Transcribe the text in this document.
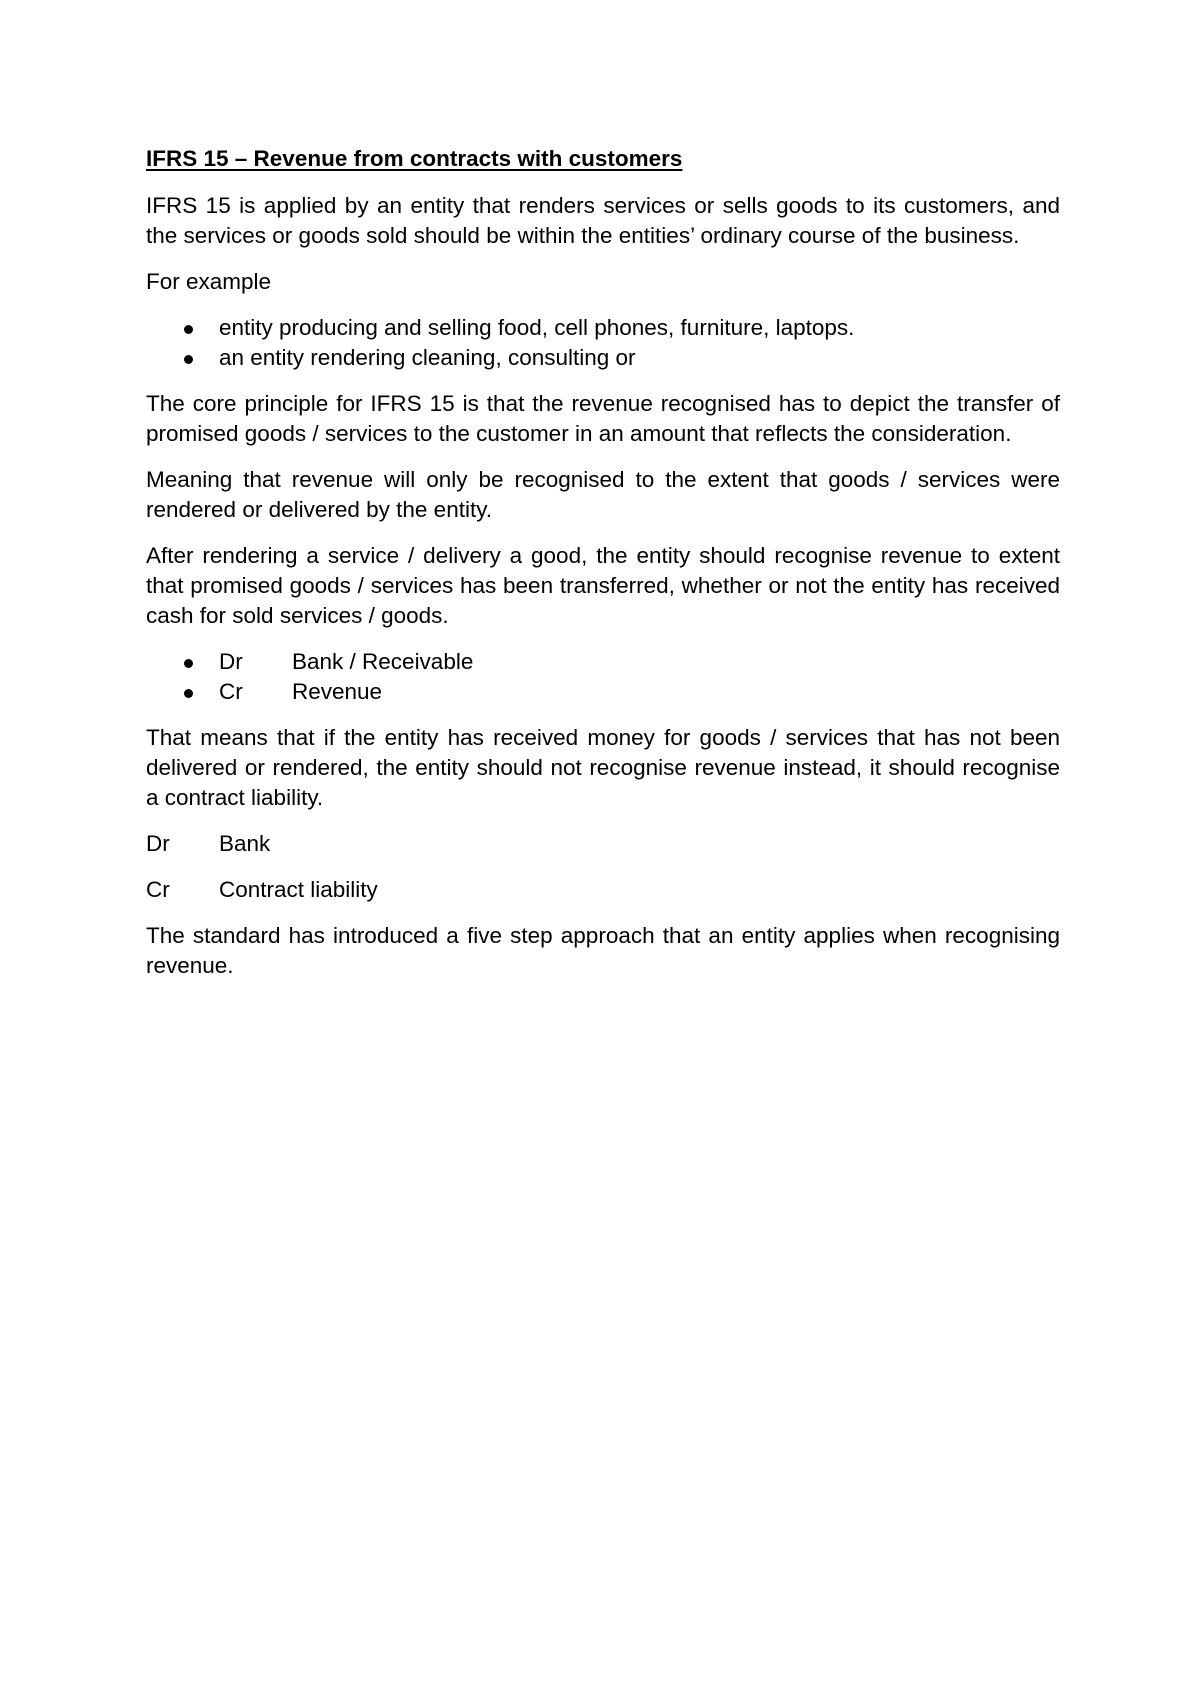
IFRS 15 – Revenue from contracts with customers

IFRS 15 is applied by an entity that renders services or sells goods to its customers, and the services or goods sold should be within the entities’ ordinary course of the business.

For example

entity producing and selling food, cell phones, furniture, laptops.
an entity rendering cleaning, consulting or

The core principle for IFRS 15 is that the revenue recognised has to depict the transfer of promised goods / services to the customer in an amount that reflects the consideration.

Meaning that revenue will only be recognised to the extent that goods / services were rendered or delivered by the entity.

After rendering a service / delivery a good, the entity should recognise revenue to extent that promised goods / services has been transferred, whether or not the entity has received cash for sold services / goods.

Dr Bank / Receivable
Cr Revenue

That means that if the entity has received money for goods / services that has not been delivered or rendered, the entity should not recognise revenue instead, it should recognise a contract liability.

Dr Bank
Cr Contract liability

The standard has introduced a five step approach that an entity applies when recognising revenue.
